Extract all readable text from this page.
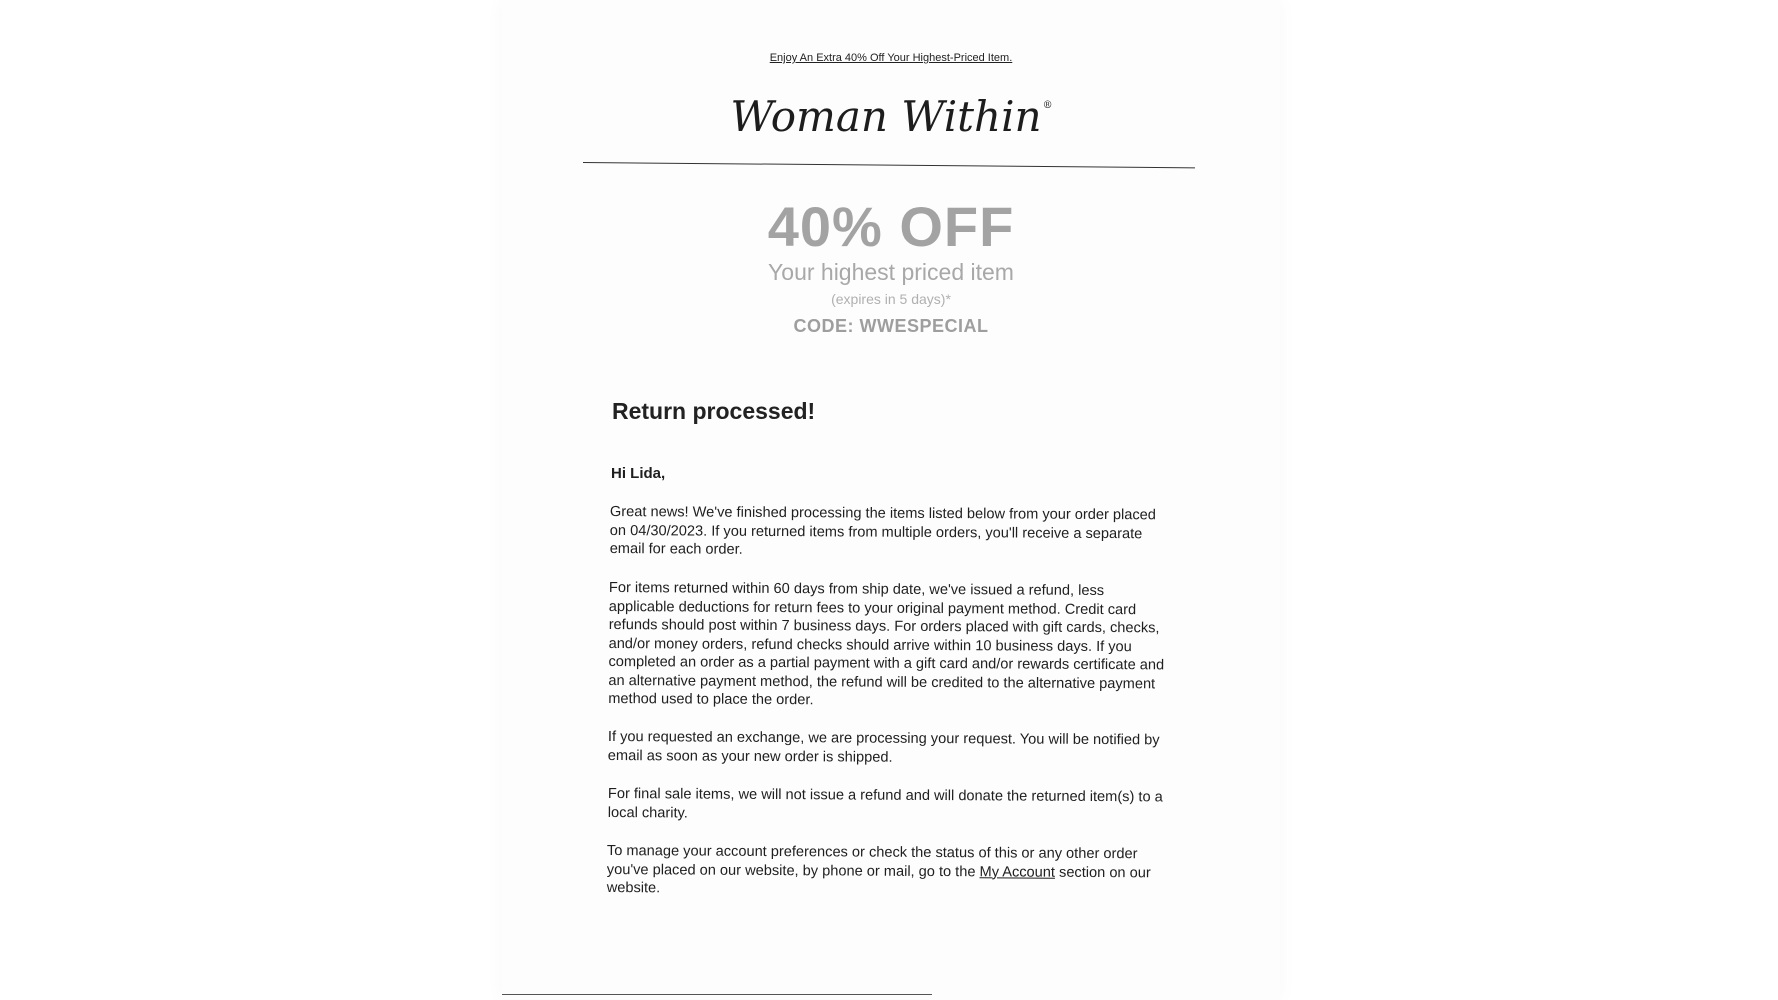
Enjoy An Extra 40% Off Your Highest-Priced Item.
Woman Within®
40% OFF
Your highest priced item
(expires in 5 days)*
CODE: WWESPECIAL
Return processed!
Hi Lida,
Great news! We've finished processing the items listed below from your order placed on 04/30/2023. If you returned items from multiple orders, you'll receive a separate email for each order.
For items returned within 60 days from ship date, we've issued a refund, less applicable deductions for return fees to your original payment method. Credit card refunds should post within 7 business days. For orders placed with gift cards, checks, and/or money orders, refund checks should arrive within 10 business days. If you completed an order as a partial payment with a gift card and/or rewards certificate and an alternative payment method, the refund will be credited to the alternative payment method used to place the order.
If you requested an exchange, we are processing your request. You will be notified by email as soon as your new order is shipped.
For final sale items, we will not issue a refund and will donate the returned item(s) to a local charity.
To manage your account preferences or check the status of this or any other order you've placed on our website, by phone or mail, go to the My Account section on our website.
